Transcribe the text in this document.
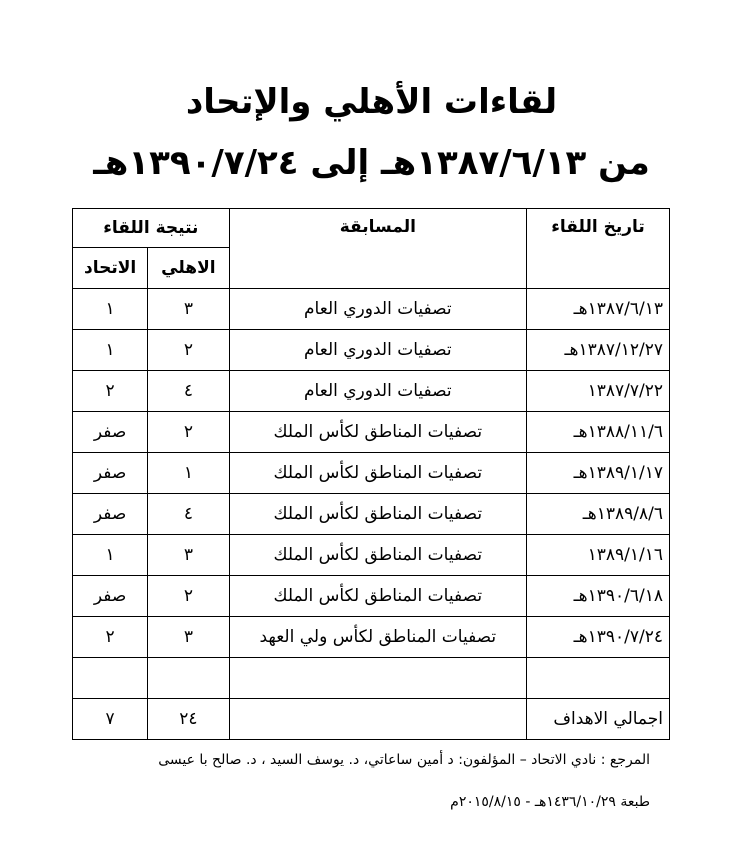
لقاءات الأهلي والإتحاد
من ١٣٨٧/٦/١٣هـ إلى ١٣٩٠/٧/٢٤هـ
تاريخ اللقاء	المسابقة	نتيجة اللقاء	
		الاهلي	الاتحاد
١٣٨٧/٦/١٣هـ	تصفيات الدوري العام	٣	١
١٣٨٧/١٢/٢٧هـ	تصفيات الدوري العام	٢	١
١٣٨٧/٧/٢٢	تصفيات الدوري العام	٤	٢
١٣٨٨/١١/٦هـ	تصفيات المناطق لكأس الملك	٢	صفر
١٣٨٩/١/١٧هـ	تصفيات المناطق لكأس الملك	١	صفر
١٣٨٩/٨/٦هـ	تصفيات المناطق لكأس الملك	٤	صفر
١٣٨٩/١/١٦	تصفيات المناطق لكأس الملك	٣	١
١٣٩٠/٦/١٨هـ	تصفيات المناطق لكأس الملك	٢	صفر
١٣٩٠/٧/٢٤هـ	تصفيات المناطق لكأس ولي العهد	٣	٢

اجمالي الاهداف		٢٤	٧
المرجع : نادي الاتحاد – المؤلفون: د أمين ساعاتي، د. يوسف السيد ، د. صالح با عيسى
طبعة ١٤٣٦/١٠/٢٩هـ - ٢٠١٥/٨/١٥م
